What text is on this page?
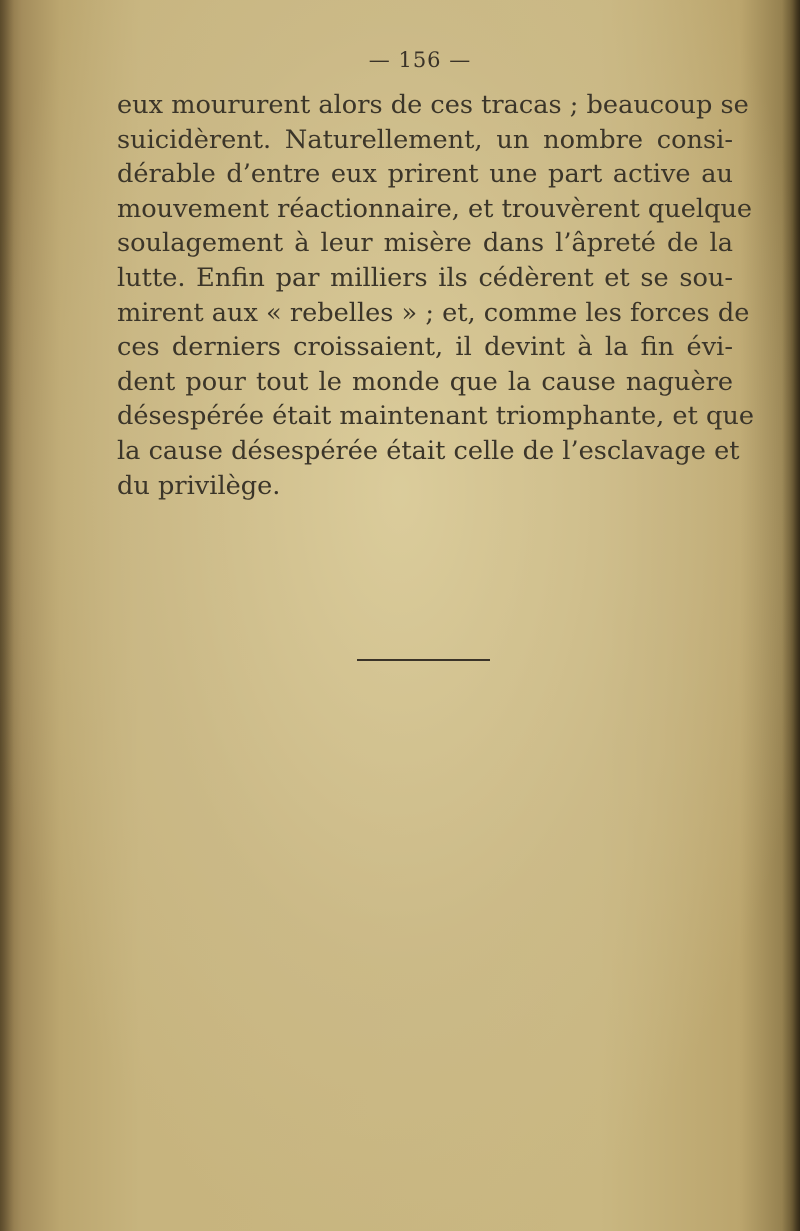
— 156 —
eux moururent alors de ces tracas ; beaucoup se
suicidèrent. Naturellement, un nombre consi-
dérable d’entre eux prirent une part active au
mouvement réactionnaire, et trouvèrent quelque
soulagement à leur misère dans l’âpreté de la
lutte. Enfin par milliers ils cédèrent et se sou-
mirent aux « rebelles » ; et, comme les forces de
ces derniers croissaient, il devint à la fin évi-
dent pour tout le monde que la cause naguère
désespérée était maintenant triomphante, et que
la cause désespérée était celle de l’esclavage et
du privilège.
